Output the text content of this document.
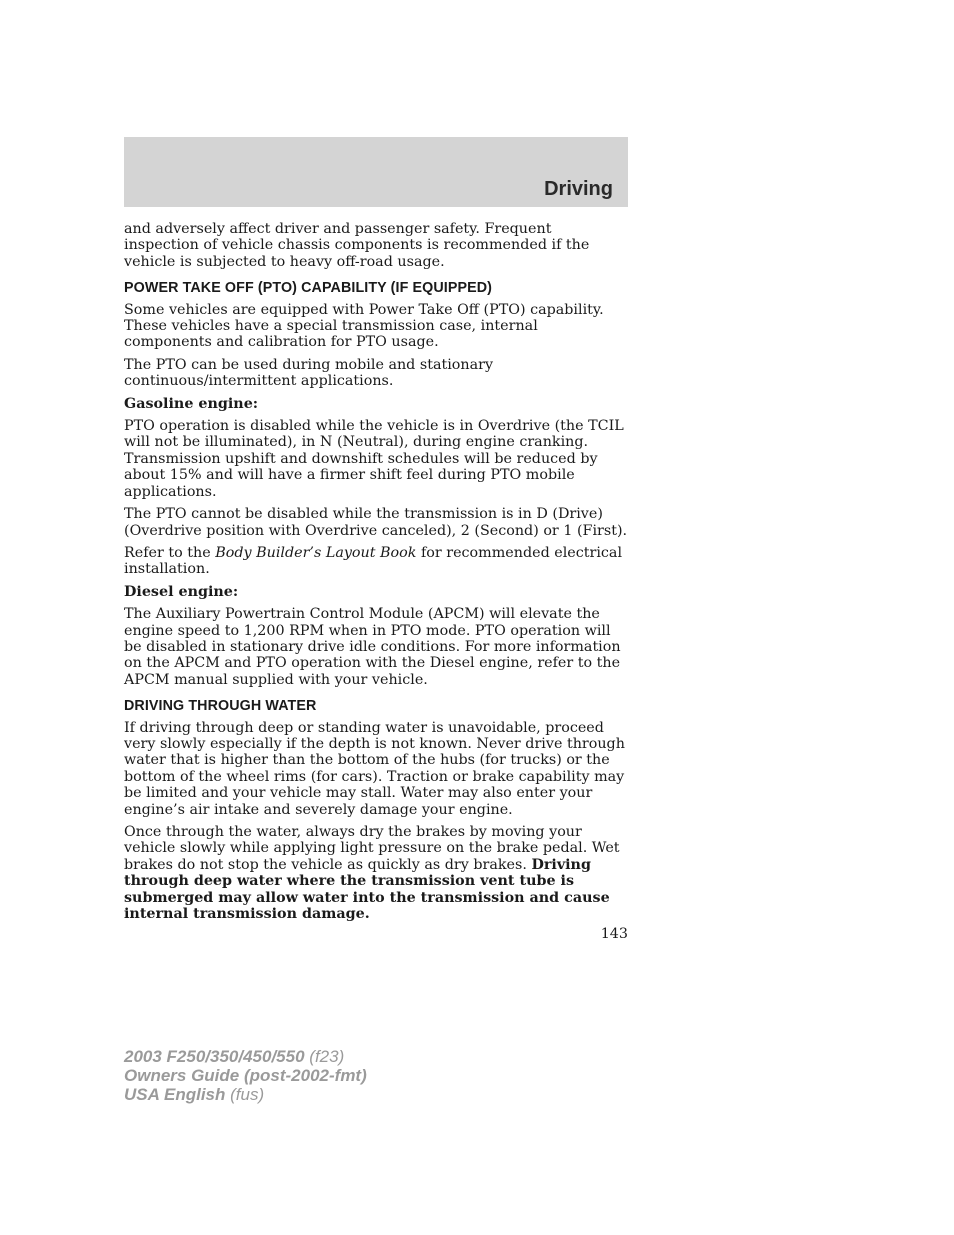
Driving

and adversely affect driver and passenger safety. Frequent inspection of vehicle chassis components is recommended if the vehicle is subjected to heavy off-road usage.

POWER TAKE OFF (PTO) CAPABILITY (IF EQUIPPED)

Some vehicles are equipped with Power Take Off (PTO) capability. These vehicles have a special transmission case, internal components and calibration for PTO usage.

The PTO can be used during mobile and stationary continuous/intermittent applications.

Gasoline engine:

PTO operation is disabled while the vehicle is in Overdrive (the TCIL will not be illuminated), in N (Neutral), during engine cranking. Transmission upshift and downshift schedules will be reduced by about 15% and will have a firmer shift feel during PTO mobile applications.

The PTO cannot be disabled while the transmission is in D (Drive) (Overdrive position with Overdrive canceled), 2 (Second) or 1 (First).

Refer to the Body Builder’s Layout Book for recommended electrical installation.

Diesel engine:

The Auxiliary Powertrain Control Module (APCM) will elevate the engine speed to 1,200 RPM when in PTO mode. PTO operation will be disabled in stationary drive idle conditions. For more information on the APCM and PTO operation with the Diesel engine, refer to the APCM manual supplied with your vehicle.

DRIVING THROUGH WATER

If driving through deep or standing water is unavoidable, proceed very slowly especially if the depth is not known. Never drive through water that is higher than the bottom of the hubs (for trucks) or the bottom of the wheel rims (for cars). Traction or brake capability may be limited and your vehicle may stall. Water may also enter your engine’s air intake and severely damage your engine.

Once through the water, always dry the brakes by moving your vehicle slowly while applying light pressure on the brake pedal. Wet brakes do not stop the vehicle as quickly as dry brakes. Driving through deep water where the transmission vent tube is submerged may allow water into the transmission and cause internal transmission damage.

143
2003 F250/350/450/550 (f23)
Owners Guide (post-2002-fmt)
USA English (fus)
